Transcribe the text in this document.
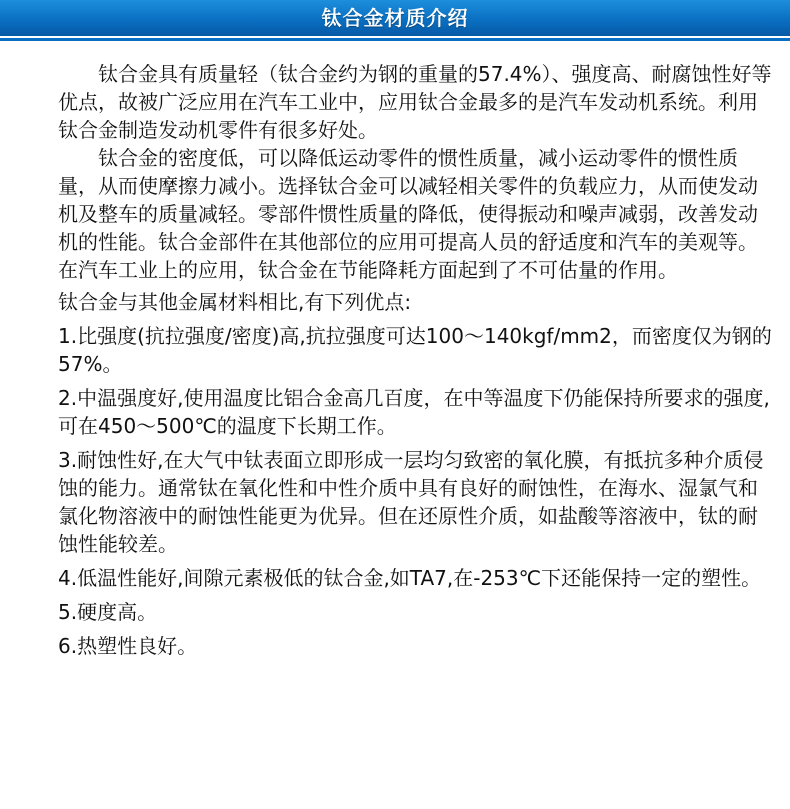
钛合金材质介绍

钛合金具有质量轻（钛合金约为钢的重量的57.4%）、强度高、耐腐蚀性好等优点，故被广泛应用在汽车工业中，应用钛合金最多的是汽车发动机系统。利用钛合金制造发动机零件有很多好处。

钛合金的密度低，可以降低运动零件的惯性质量，减小运动零件的惯性质量，从而使摩擦力减小。选择钛合金可以减轻相关零件的负载应力，从而使发动机及整车的质量减轻。零部件惯性质量的降低，使得振动和噪声减弱，改善发动机的性能。钛合金部件在其他部位的应用可提高人员的舒适度和汽车的美观等。在汽车工业上的应用，钛合金在节能降耗方面起到了不可估量的作用。

钛合金与其他金属材料相比,有下列优点:

1.比强度(抗拉强度/密度)高,抗拉强度可达100～140kgf/mm2，而密度仅为钢的57%。

2.中温强度好,使用温度比铝合金高几百度，在中等温度下仍能保持所要求的强度,可在450～500℃的温度下长期工作。

3.耐蚀性好,在大气中钛表面立即形成一层均匀致密的氧化膜，有抵抗多种介质侵蚀的能力。通常钛在氧化性和中性介质中具有良好的耐蚀性，在海水、湿氯气和氯化物溶液中的耐蚀性能更为优异。但在还原性介质，如盐酸等溶液中，钛的耐蚀性能较差。

4.低温性能好,间隙元素极低的钛合金,如TA7,在-253℃下还能保持一定的塑性。

5.硬度高。

6.热塑性良好。
